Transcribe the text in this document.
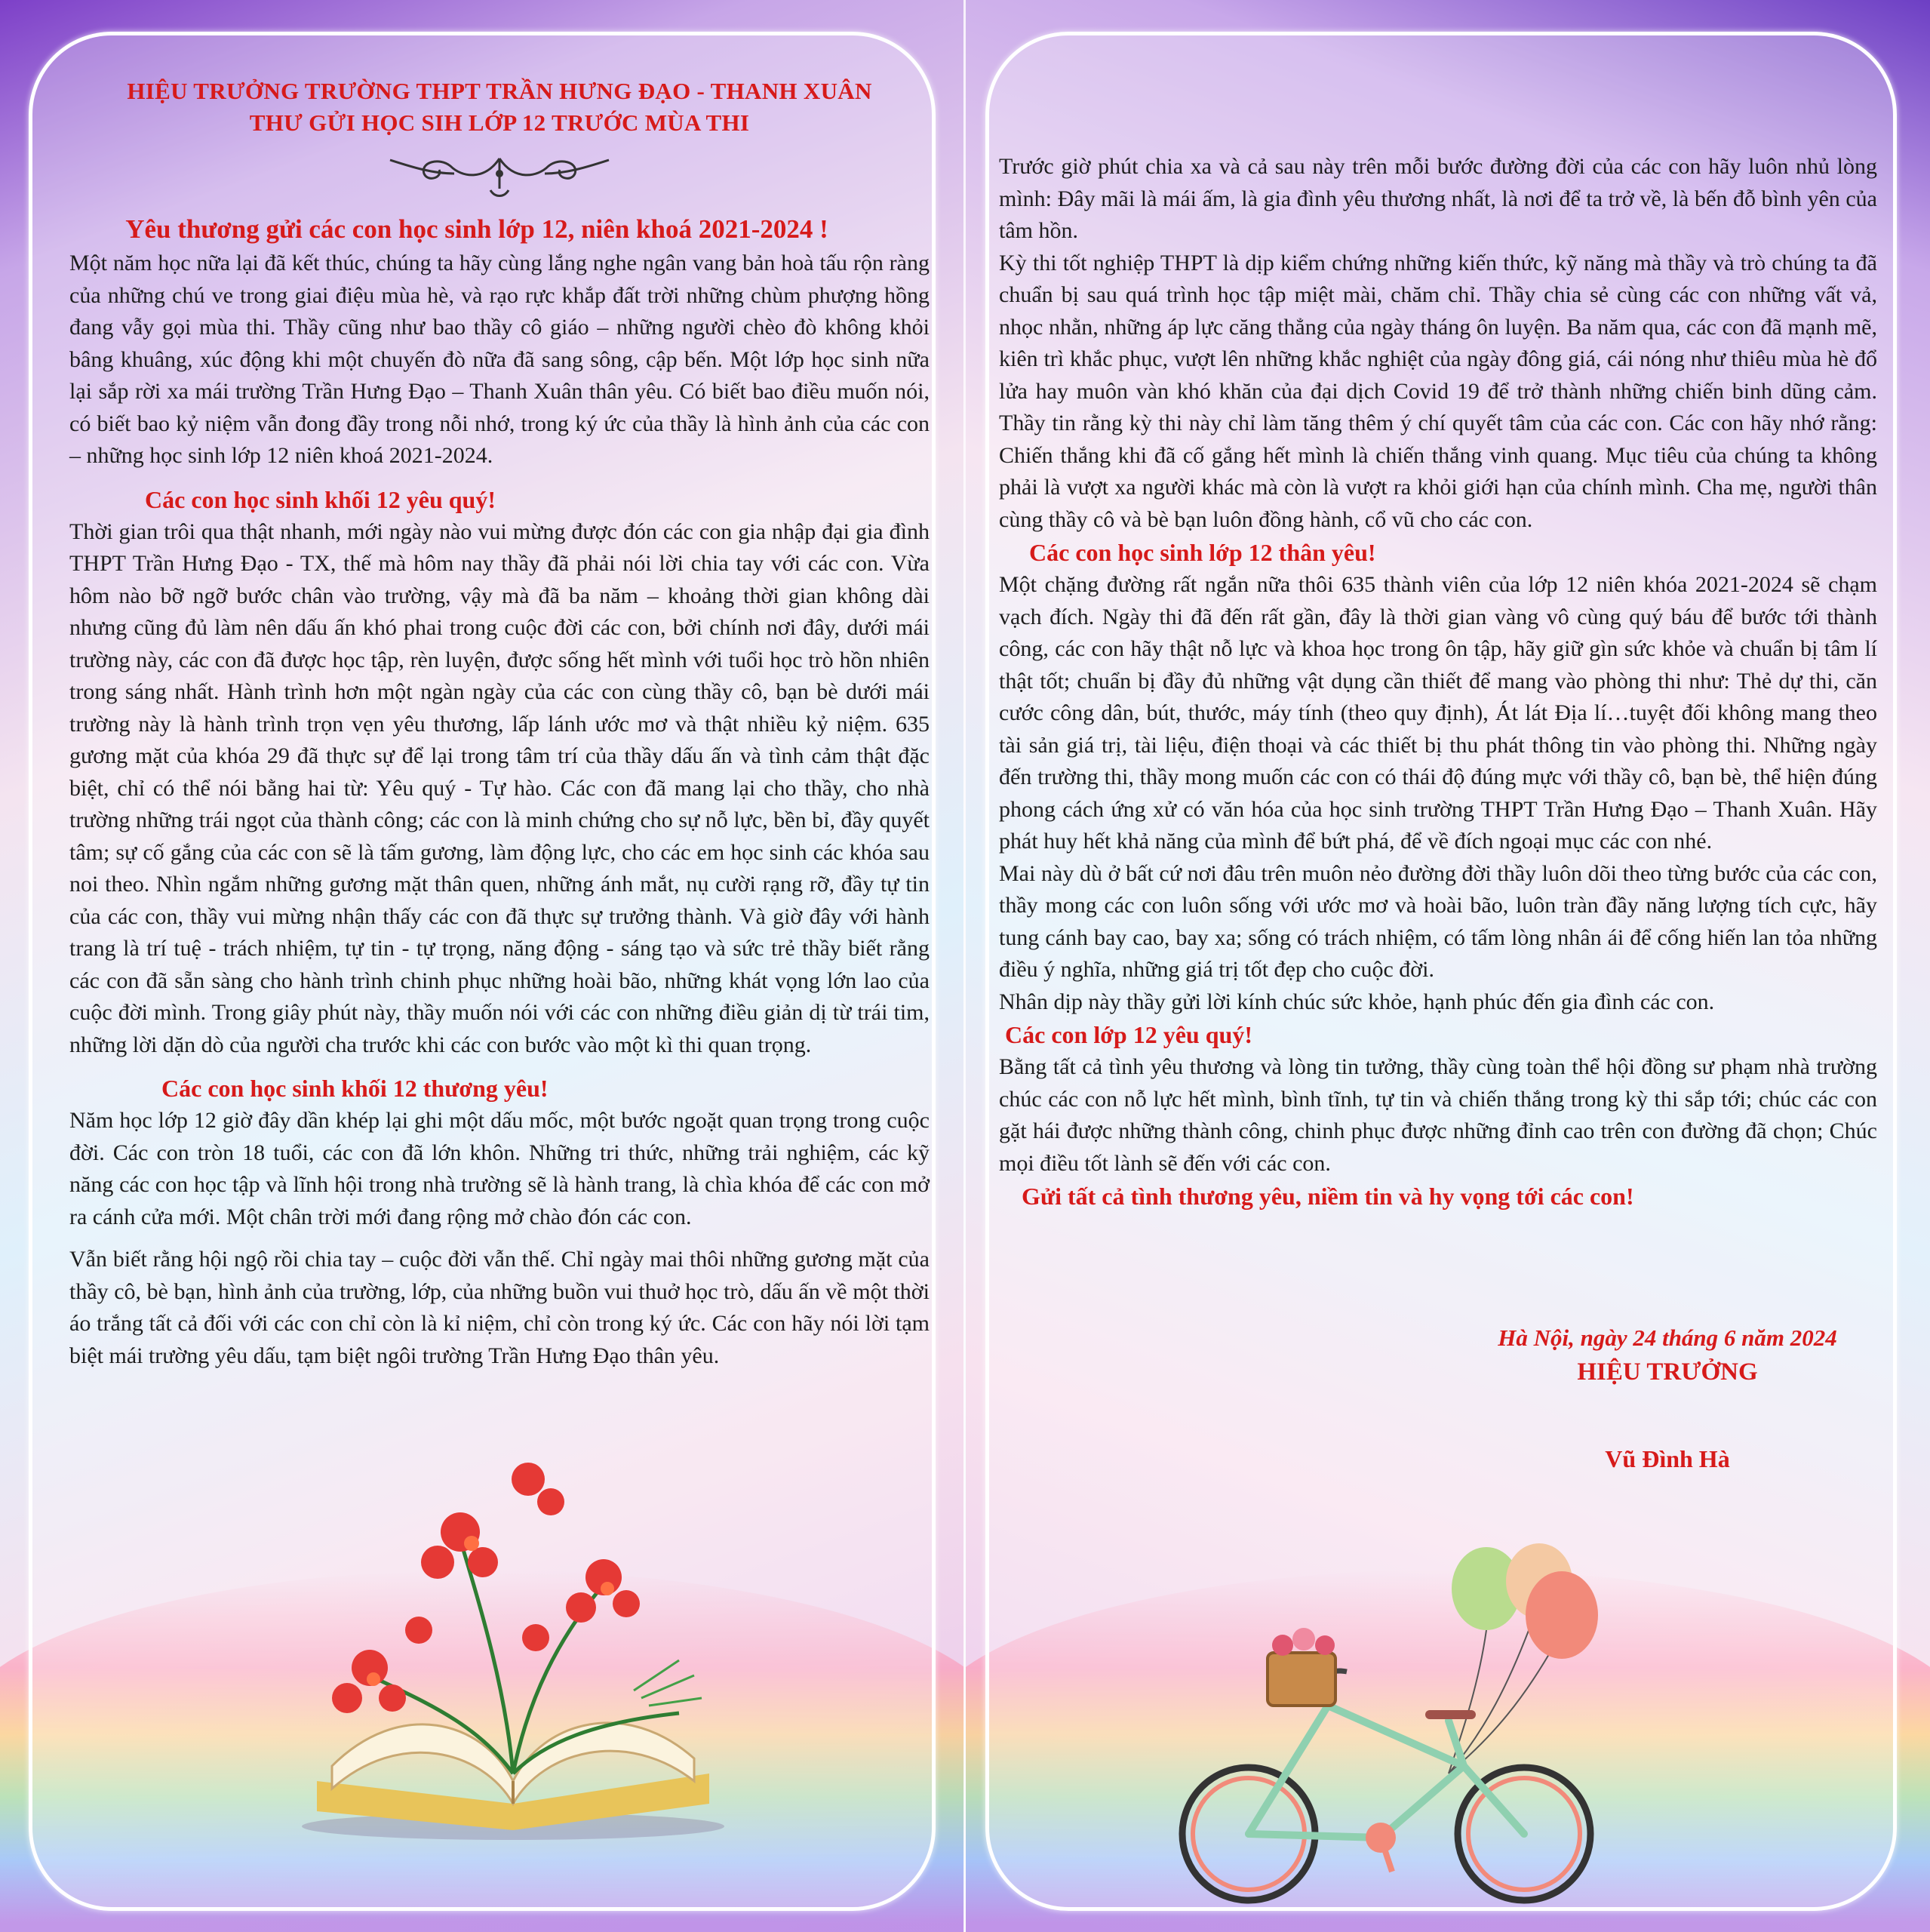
HIỆU TRƯỞNG TRƯỜNG THPT TRẦN HƯNG ĐẠO - THANH XUÂN
THƯ GỬI HỌC SIH LỚP 12 TRƯỚC MÙA THI
Yêu thương gửi các con học sinh lớp 12, niên khoá 2021-2024 !

Một năm học nữa lại đã kết thúc, chúng ta hãy cùng lắng nghe ngân vang bản hoà tấu rộn ràng của những chú ve trong giai điệu mùa hè, và rạo rực khắp đất trời những chùm phượng hồng đang vẫy gọi mùa thi. Thầy cũng như bao thầy cô giáo – những người chèo đò không khỏi bâng khuâng, xúc động khi một chuyến đò nữa đã sang sông, cập bến. Một lớp học sinh nữa lại sắp rời xa mái trường Trần Hưng Đạo – Thanh Xuân thân yêu. Có biết bao điều muốn nói, có biết bao kỷ niệm vẫn đong đầy trong nỗi nhớ, trong ký ức của thầy là hình ảnh của các con – những học sinh lớp 12 niên khoá 2021-2024.

Các con học sinh khối 12 yêu quý!

Thời gian trôi qua thật nhanh, mới ngày nào vui mừng được đón các con gia nhập đại gia đình THPT Trần Hưng Đạo - TX, thế mà hôm nay thầy đã phải nói lời chia tay với các con. Vừa hôm nào bỡ ngỡ bước chân vào trường, vậy mà đã ba năm – khoảng thời gian không dài nhưng cũng đủ làm nên dấu ấn khó phai trong cuộc đời các con, bởi chính nơi đây, dưới mái trường này, các con đã được học tập, rèn luyện, được sống hết mình với tuổi học trò hồn nhiên trong sáng nhất. Hành trình hơn một ngàn ngày của các con cùng thầy cô, bạn bè dưới mái trường này là hành trình trọn vẹn yêu thương, lấp lánh ước mơ và thật nhiều kỷ niệm. 635 gương mặt của khóa 29 đã thực sự để lại trong tâm trí của thầy dấu ấn và tình cảm thật đặc biệt, chỉ có thể nói bằng hai từ: Yêu quý - Tự hào. Các con đã mang lại cho thầy, cho nhà trường những trái ngọt của thành công; các con là minh chứng cho sự nỗ lực, bền bỉ, đầy quyết tâm; sự cố gắng của các con sẽ là tấm gương, làm động lực, cho các em học sinh các khóa sau noi theo. Nhìn ngắm những gương mặt thân quen, những ánh mắt, nụ cười rạng rỡ, đầy tự tin của các con, thầy vui mừng nhận thấy các con đã thực sự trưởng thành. Và giờ đây với hành trang là trí tuệ - trách nhiệm, tự tin - tự trọng, năng động - sáng tạo và sức trẻ thầy biết rằng các con đã sẵn sàng cho hành trình chinh phục những hoài bão, những khát vọng lớn lao của cuộc đời mình. Trong giây phút này, thầy muốn nói với các con những điều giản dị từ trái tim, những lời dặn dò của người cha trước khi các con bước vào một kì thi quan trọng.

Các con học sinh khối 12 thương yêu!

Năm học lớp 12 giờ đây dần khép lại ghi một dấu mốc, một bước ngoặt quan trọng trong cuộc đời. Các con tròn 18 tuổi, các con đã lớn khôn. Những tri thức, những trải nghiệm, các kỹ năng các con học tập và lĩnh hội trong nhà trường sẽ là hành trang, là chìa khóa để các con mở ra cánh cửa mới. Một chân trời mới đang rộng mở chào đón các con.

Vẫn biết rằng hội ngộ rồi chia tay – cuộc đời vẫn thế. Chỉ ngày mai thôi những gương mặt của thầy cô, bè bạn, hình ảnh của trường, lớp, của những buồn vui thuở học trò, dấu ấn về một thời áo trắng tất cả đối với các con chỉ còn là kỉ niệm, chỉ còn trong ký ức. Các con hãy nói lời tạm biệt mái trường yêu dấu, tạm biệt ngôi trường Trần Hưng Đạo thân yêu.

Trước giờ phút chia xa và cả sau này trên mỗi bước đường đời của các con hãy luôn nhủ lòng mình: Đây mãi là mái ấm, là gia đình yêu thương nhất, là nơi để ta trở về, là bến đỗ bình yên của tâm hồn.

Kỳ thi tốt nghiệp THPT là dịp kiểm chứng những kiến thức, kỹ năng mà thầy và trò chúng ta đã chuẩn bị sau quá trình học tập miệt mài, chăm chỉ. Thầy chia sẻ cùng các con những vất vả, nhọc nhằn, những áp lực căng thẳng của ngày tháng ôn luyện. Ba năm qua, các con đã mạnh mẽ, kiên trì khắc phục, vượt lên những khắc nghiệt của ngày đông giá, cái nóng như thiêu mùa hè đổ lửa hay muôn vàn khó khăn của đại dịch Covid 19 để trở thành những chiến binh dũng cảm. Thầy tin rằng kỳ thi này chỉ làm tăng thêm ý chí quyết tâm của các con. Các con hãy nhớ rằng: Chiến thắng khi đã cố gắng hết mình là chiến thắng vinh quang. Mục tiêu của chúng ta không phải là vượt xa người khác mà còn là vượt ra khỏi giới hạn của chính mình. Cha mẹ, người thân cùng thầy cô và bè bạn luôn đồng hành, cổ vũ cho các con.

Các con học sinh lớp 12 thân yêu!

Một chặng đường rất ngắn nữa thôi 635 thành viên của lớp 12 niên khóa 2021-2024 sẽ chạm vạch đích. Ngày thi đã đến rất gần, đây là thời gian vàng vô cùng quý báu để bước tới thành công, các con hãy thật nỗ lực và khoa học trong ôn tập, hãy giữ gìn sức khỏe và chuẩn bị tâm lí thật tốt; chuẩn bị đầy đủ những vật dụng cần thiết để mang vào phòng thi như: Thẻ dự thi, căn cước công dân, bút, thước, máy tính (theo quy định), Át lát Địa lí…tuyệt đối không mang theo tài sản giá trị, tài liệu, điện thoại và các thiết bị thu phát thông tin vào phòng thi. Những ngày đến trường thi, thầy mong muốn các con có thái độ đúng mực với thầy cô, bạn bè, thể hiện đúng phong cách ứng xử có văn hóa của học sinh trường THPT Trần Hưng Đạo – Thanh Xuân. Hãy phát huy hết khả năng của mình để bứt phá, để về đích ngoại mục các con nhé.

Mai này dù ở bất cứ nơi đâu trên muôn nẻo đường đời thầy luôn dõi theo từng bước của các con, thầy mong các con luôn sống với ước mơ và hoài bão, luôn tràn đầy năng lượng tích cực, hãy tung cánh bay cao, bay xa; sống có trách nhiệm, có tấm lòng nhân ái để cống hiến lan tỏa những điều ý nghĩa, những giá trị tốt đẹp cho cuộc đời.

Nhân dịp này thầy gửi lời kính chúc sức khỏe, hạnh phúc đến gia đình các con.

Các con lớp 12 yêu quý!

Bằng tất cả tình yêu thương và lòng tin tưởng, thầy cùng toàn thể hội đồng sư phạm nhà trường chúc các con nỗ lực hết mình, bình tĩnh, tự tin và chiến thắng trong kỳ thi sắp tới; chúc các con gặt hái được những thành công, chinh phục được những đỉnh cao trên con đường đã chọn; Chúc mọi điều tốt lành sẽ đến với các con.

Gửi tất cả tình thương yêu, niềm tin và hy vọng tới các con!
Hà Nội, ngày 24 tháng 6 năm 2024
HIỆU TRƯỞNG
Vũ Đình Hà
